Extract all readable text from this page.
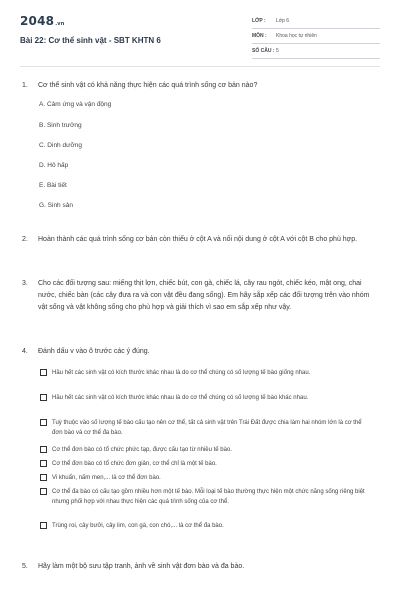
2048.vn
Bài 22: Cơ thể sinh vật - SBT KHTN 6
LỚP :	Lớp 6
MÔN :	Khoa học tự nhiên
SỐ CÂU : 5
1.	Cơ thể sinh vật có khả năng thực hiện các quá trình sống cơ bản nào?
A. Cảm ứng và vận động
B. Sinh trưởng
C. Dinh dưỡng
D. Hô hấp
E. Bài tiết
G. Sinh sản
2.	Hoàn thành các quá trình sống cơ bản còn thiếu ở cột A và nối nội dung ở cột A với cột B cho phù hợp.
3.	Cho các đối tượng sau: miếng thịt lợn, chiếc bút, con gà, chiếc lá, cây rau ngót, chiếc kéo, mật ong, chai nước, chiếc bàn (các cây đưa ra và con vật đều đang sống). Em hãy sắp xếp các đối tượng trên vào nhóm vật sống và vật không sống cho phù hợp và giải thích vì sao em sắp xếp như vậy.
4.	Đánh dấu v vào ô trước các ý đúng.
Hầu hết các sinh vật có kích thước khác nhau là do cơ thể chúng có số lượng tế bào giống nhau.
Hầu hết các sinh vật có kích thước khác nhau là do cơ thể chúng có số lượng tế bào khác nhau.
Tuỳ thuộc vào số lượng tế bào cấu tạo nên cơ thể, tất cả sinh vật trên Trái Đất được chia làm hai nhóm lớn là cơ thể đơn bào và cơ thể đa bào.
Cơ thể đơn bào có tổ chức phức tạp, được cấu tạo từ nhiều tế bào.
Cơ thể đơn bào có tổ chức đơn giản, cơ thể chỉ là một tế bào.
Vi khuẩn, nấm men,... là cơ thể đơn bào.
Cơ thể đa bào có cấu tạo gồm nhiều hơn một tế bào. Mỗi loại tế bào thường thực hiện một chức năng sống riêng biệt nhưng phối hợp với nhau thực hiện các quá trình sống của cơ thể.
Trùng roi, cây bưởi, cây lim, con gà, con chó,... là cơ thể đa bào.
5.	Hãy làm một bộ sưu tập tranh, ảnh về sinh vật đơn bào và đa bào.
